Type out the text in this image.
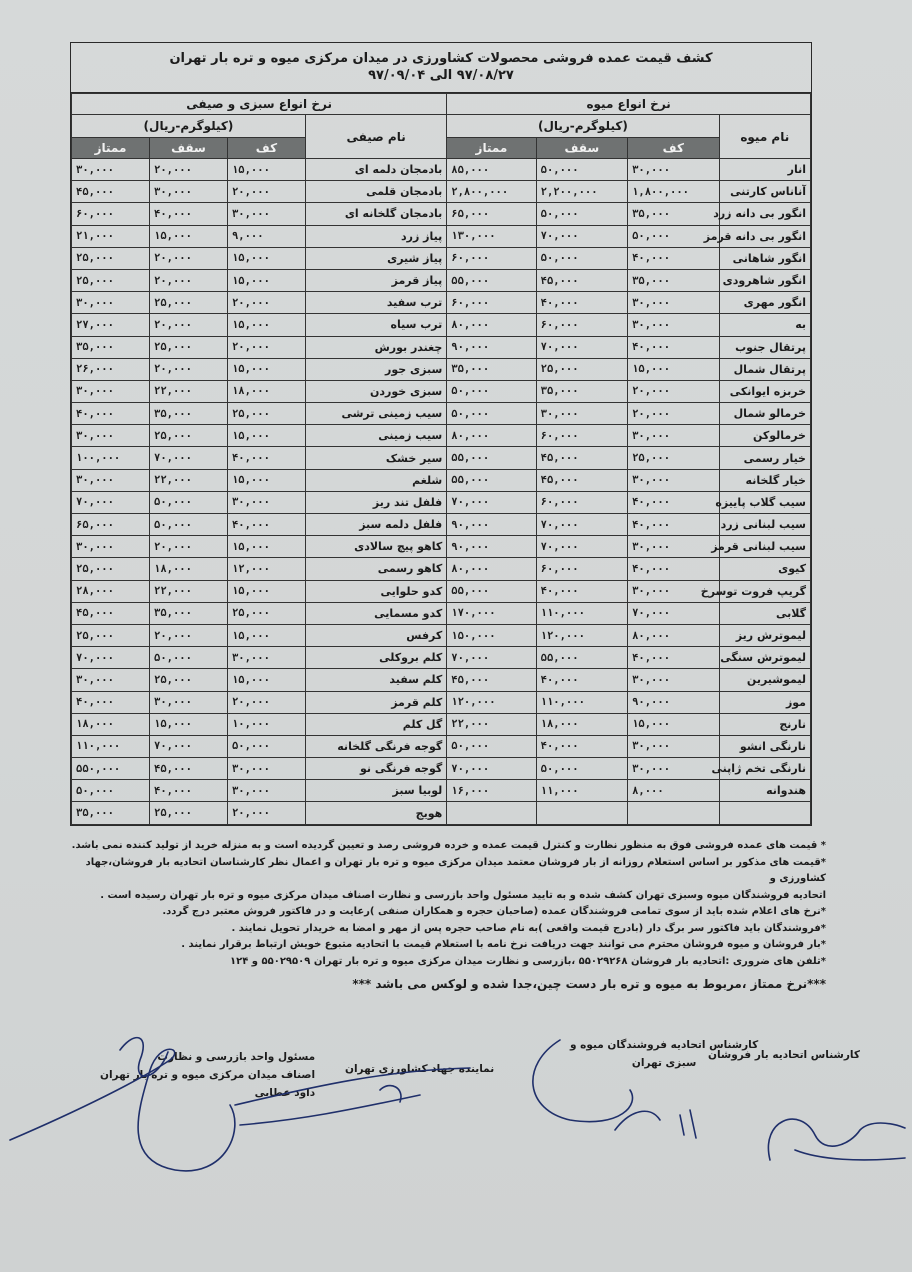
کشف قیمت عمده فروشی محصولات کشاورزی در میدان مرکزی میوه و تره بار تهران
۹۷/۰۸/۲۷ الی ۹۷/۰۹/۰۴
نرخ انواع میوه				نرخ انواع سبزی و صیفی			
نام میوه	(کیلوگرم-ریال)			نام صیفی	(کیلوگرم-ریال)		
	کف	سقف	ممتاز		کف	سقف	ممتاز
انار	۳۰,۰۰۰	۵۰,۰۰۰	۸۵,۰۰۰	بادمجان دلمه ای	۱۵,۰۰۰	۲۰,۰۰۰	۳۰,۰۰۰
آناناس کارتنی	۱,۸۰۰,۰۰۰	۲,۲۰۰,۰۰۰	۲,۸۰۰,۰۰۰	بادمجان قلمی	۲۰,۰۰۰	۳۰,۰۰۰	۴۵,۰۰۰
انگور بی دانه زرد	۳۵,۰۰۰	۵۰,۰۰۰	۶۵,۰۰۰	بادمجان گلخانه ای	۳۰,۰۰۰	۴۰,۰۰۰	۶۰,۰۰۰
انگور بی دانه قرمز	۵۰,۰۰۰	۷۰,۰۰۰	۱۳۰,۰۰۰	پیاز زرد	۹,۰۰۰	۱۵,۰۰۰	۲۱,۰۰۰
انگور شاهانی	۴۰,۰۰۰	۵۰,۰۰۰	۶۰,۰۰۰	پیاز شیری	۱۵,۰۰۰	۲۰,۰۰۰	۲۵,۰۰۰
انگور شاهرودی	۳۵,۰۰۰	۴۵,۰۰۰	۵۵,۰۰۰	پیاز قرمز	۱۵,۰۰۰	۲۰,۰۰۰	۲۵,۰۰۰
انگور مهری	۳۰,۰۰۰	۴۰,۰۰۰	۶۰,۰۰۰	ترب سفید	۲۰,۰۰۰	۲۵,۰۰۰	۳۰,۰۰۰
به	۳۰,۰۰۰	۶۰,۰۰۰	۸۰,۰۰۰	ترب سیاه	۱۵,۰۰۰	۲۰,۰۰۰	۲۷,۰۰۰
پرتقال جنوب	۴۰,۰۰۰	۷۰,۰۰۰	۹۰,۰۰۰	چغندر بورش	۲۰,۰۰۰	۲۵,۰۰۰	۳۵,۰۰۰
پرتقال شمال	۱۵,۰۰۰	۲۵,۰۰۰	۳۵,۰۰۰	سبزی جور	۱۵,۰۰۰	۲۰,۰۰۰	۲۶,۰۰۰
خربزه ایوانکی	۲۰,۰۰۰	۳۵,۰۰۰	۵۰,۰۰۰	سبزی خوردن	۱۸,۰۰۰	۲۲,۰۰۰	۳۰,۰۰۰
خرمالو شمال	۲۰,۰۰۰	۳۰,۰۰۰	۵۰,۰۰۰	سیب زمینی ترشی	۲۵,۰۰۰	۳۵,۰۰۰	۴۰,۰۰۰
خرمالوکن	۳۰,۰۰۰	۶۰,۰۰۰	۸۰,۰۰۰	سیب زمینی	۱۵,۰۰۰	۲۵,۰۰۰	۳۰,۰۰۰
خیار رسمی	۲۵,۰۰۰	۴۵,۰۰۰	۵۵,۰۰۰	سیر خشک	۴۰,۰۰۰	۷۰,۰۰۰	۱۰۰,۰۰۰
خیار گلخانه	۳۰,۰۰۰	۴۵,۰۰۰	۵۵,۰۰۰	شلغم	۱۵,۰۰۰	۲۲,۰۰۰	۳۰,۰۰۰
سیب گلاب پاییزه	۴۰,۰۰۰	۶۰,۰۰۰	۷۰,۰۰۰	فلفل تند ریز	۳۰,۰۰۰	۵۰,۰۰۰	۷۰,۰۰۰
سیب لبنانی زرد	۴۰,۰۰۰	۷۰,۰۰۰	۹۰,۰۰۰	فلفل دلمه سبز	۴۰,۰۰۰	۵۰,۰۰۰	۶۵,۰۰۰
سیب لبنانی قرمز	۳۰,۰۰۰	۷۰,۰۰۰	۹۰,۰۰۰	کاهو پیچ سالادی	۱۵,۰۰۰	۲۰,۰۰۰	۳۰,۰۰۰
کیوی	۴۰,۰۰۰	۶۰,۰۰۰	۸۰,۰۰۰	کاهو رسمی	۱۲,۰۰۰	۱۸,۰۰۰	۲۵,۰۰۰
گریپ فروت توسرخ	۳۰,۰۰۰	۴۰,۰۰۰	۵۵,۰۰۰	کدو حلوایی	۱۵,۰۰۰	۲۲,۰۰۰	۲۸,۰۰۰
گلابی	۷۰,۰۰۰	۱۱۰,۰۰۰	۱۷۰,۰۰۰	کدو مسمایی	۲۵,۰۰۰	۳۵,۰۰۰	۴۵,۰۰۰
لیموترش ریز	۸۰,۰۰۰	۱۲۰,۰۰۰	۱۵۰,۰۰۰	کرفس	۱۵,۰۰۰	۲۰,۰۰۰	۲۵,۰۰۰
لیموترش سنگی	۴۰,۰۰۰	۵۵,۰۰۰	۷۰,۰۰۰	کلم بروکلی	۳۰,۰۰۰	۵۰,۰۰۰	۷۰,۰۰۰
لیموشیرین	۳۰,۰۰۰	۴۰,۰۰۰	۴۵,۰۰۰	کلم سفید	۱۵,۰۰۰	۲۵,۰۰۰	۳۰,۰۰۰
موز	۹۰,۰۰۰	۱۱۰,۰۰۰	۱۲۰,۰۰۰	کلم قرمز	۲۰,۰۰۰	۳۰,۰۰۰	۴۰,۰۰۰
نارنج	۱۵,۰۰۰	۱۸,۰۰۰	۲۲,۰۰۰	گل کلم	۱۰,۰۰۰	۱۵,۰۰۰	۱۸,۰۰۰
نارنگی انشو	۳۰,۰۰۰	۴۰,۰۰۰	۵۰,۰۰۰	گوجه فرنگی گلخانه	۵۰,۰۰۰	۷۰,۰۰۰	۱۱۰,۰۰۰
نارنگی تخم ژاپنی	۳۰,۰۰۰	۵۰,۰۰۰	۷۰,۰۰۰	گوجه فرنگی نو	۳۰,۰۰۰	۴۵,۰۰۰	۵۵۰,۰۰۰
هندوانه	۸,۰۰۰	۱۱,۰۰۰	۱۶,۰۰۰	لوبیا سبز	۳۰,۰۰۰	۴۰,۰۰۰	۵۰,۰۰۰
				هویج	۲۰,۰۰۰	۲۵,۰۰۰	۳۵,۰۰۰

* قیمت های عمده فروشی فوق به منظور نظارت و کنترل قیمت عمده و خرده فروشی رصد و تعیین گردیده است و به منزله خرید از تولید کننده نمی باشد.

*قیمت های مذکور بر اساس استعلام روزانه از بار فروشان معتمد میدان مرکزی میوه و تره بار تهران و اعمال نظر کارشناسان اتحادیه بار فروشان،جهاد کشاورزی و

اتحادیه فروشندگان میوه وسبزی تهران کشف شده و به تایید مسئول واحد بازرسی و نظارت اصناف میدان مرکزی میوه و تره بار تهران رسیده است .

*نرخ های اعلام شده باید از سوی تمامی فروشندگان عمده (صاحبان حجره و همکاران صنفی )رعایت و در فاکتور فروش معتبر درج گردد.

*فروشندگان باید فاکتور سر برگ دار (بادرج قیمت واقعی )به نام صاحب حجره پس از مهر و امضا به خریدار تحویل نمایند .

*بار فروشان و میوه فروشان محترم می توانند جهت دریافت نرخ نامه با استعلام قیمت با اتحادیه متبوع خویش ارتباط برقرار نمایند .

*تلفن های ضروری :اتحادیه بار فروشان ۵۵۰۲۹۲۶۸ ،بازرسی و نظارت میدان مرکزی میوه و تره بار تهران ۵۵۰۲۹۵۰۹ و ۱۲۴

***نرخ ممتاز ،مربوط به میوه و تره بار دست چین،جدا شده و لوکس می باشد ***

مسئول واحد بازرسی و نظارت
اصناف میدان مرکزی میوه و تره بار تهران
داود عطایی
نماینده جهاد کشاورزی تهران
کارشناس اتحادیه فروشندگان میوه و
سبزی تهران
کارشناس اتحادیه بار فروشان
